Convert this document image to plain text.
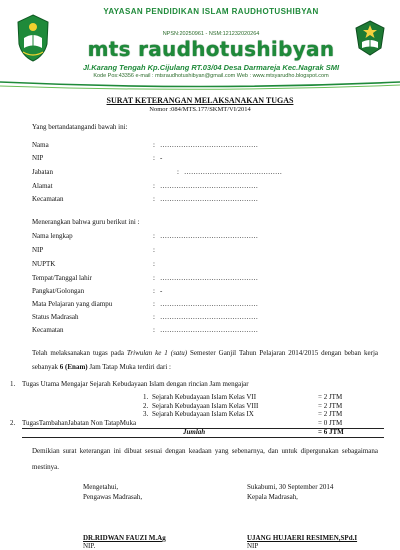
YAYASAN PENDIDIKAN ISLAM RAUDHOTUSHIBYAN
NPSN:20250961 - NSM:121232020264
mts raudhotushibyan
Jl.Karang Tengah Kp.Cijulang RT.03/04 Desa Darmareja Kec.Nagrak SMI
Kode Pos:43356 e-mail : mtsraudhotushibyan@gmail.com Web : www.mtsyarudho.blogspot.com
SURAT KETERANGAN MELAKSANAKAN TUGAS
Nomor :084/MTS.177/SKMT/VI/2014
Yang bertandatangandi bawah ini:
Nama	: ……………………………………
NIP	: -
Jabatan	: ……………………………………
Alamat	: ……………………………………
Kecamatan	: ……………………………………
Menerangkan bahwa guru berikut ini :
Nama lengkap	: ……………………………………
NIP	:
NUPTK	:
Tempat/Tanggal lahir	: ……………………………………
Pangkat/Golongan	: -
Mata Pelajaran yang diampu	: ……………………………………
Status Madrasah	: ……………………………………
Kecamatan	: ……………………………………

Telah melaksanakan tugas pada Triwulan ke 1 (satu) Semester Ganjil Tahun Pelajaran 2014/2015 dengan beban kerja sebanyak 6 (Enam) Jam Tatap Muka terdiri dari :

1. Tugas Utama Mengajar Sejarah Kebudayaan Islam dengan rincian Jam mengajar
1. Sejarah Kebudayaan Islam Kelas VII	= 2 JTM
2. Sejarah Kebudayaan Islam Kelas VIII	= 2 JTM
3. Sejarah Kebudayaan Islam Kelas IX	= 2 JTM
2. TugasTambahanJabatan Non TatapMuka	= 0 JTM
Jumlah	= 6 JTM

Demikian surat keterangan ini dibuat sesuai dengan keadaan yang sebenarnya, dan untuk dipergunakan sebagaimana mestinya.

Mengetahui,
Pengawas Madrasah,
DR.RIDWAN FAUZI M.Ag
NIP.
Sukabumi, 30 September 2014
Kepala Madrasah,
UJANG HUJAERI RESIMEN,SPd.I
NIP
